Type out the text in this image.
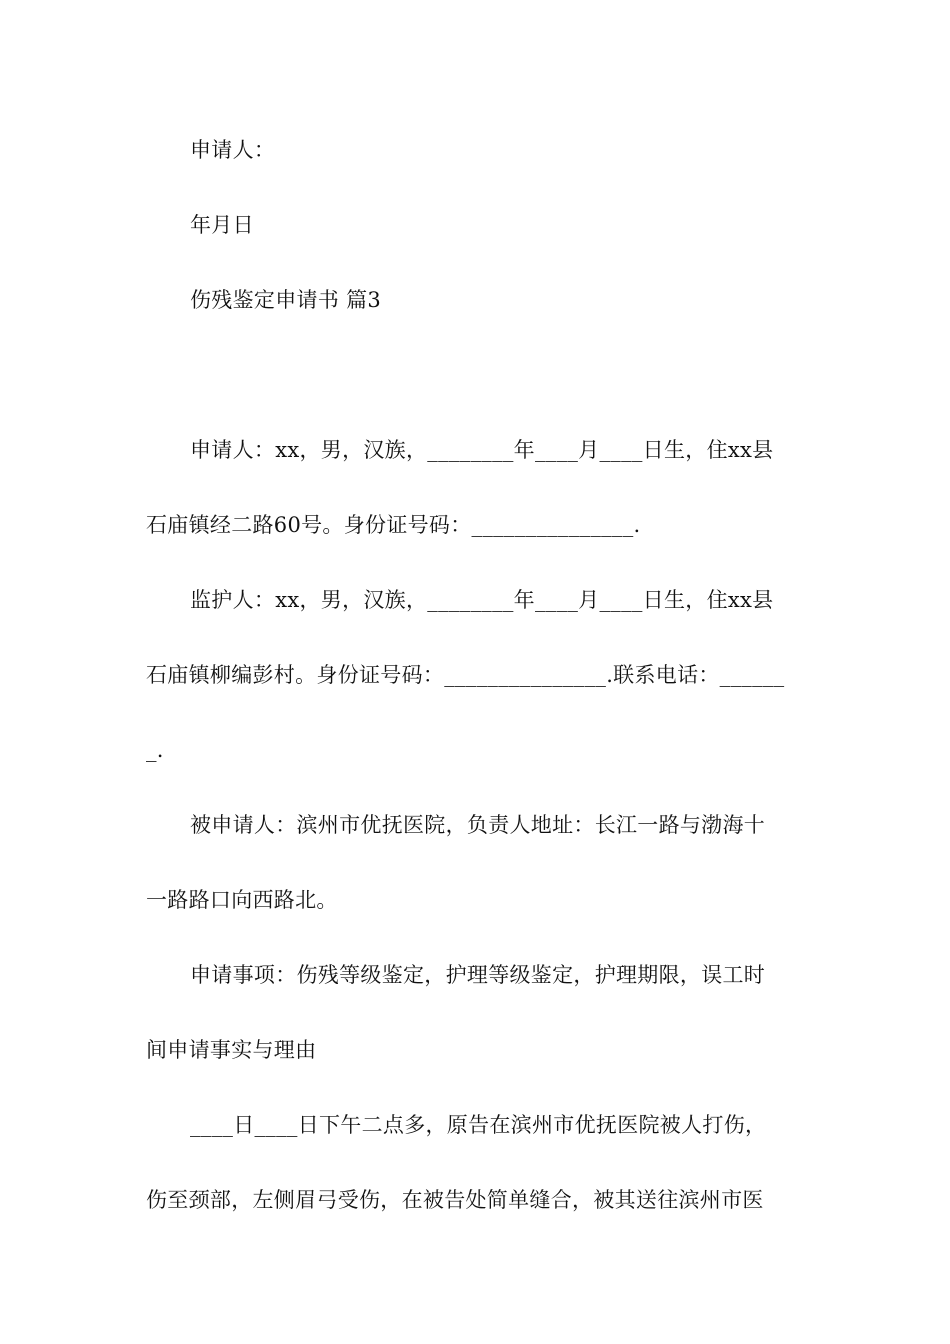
申请人：
年月日
伤残鉴定申请书 篇3
申请人：xx，男，汉族，________年____月____日生，住xx县
石庙镇经二路60号。身份证号码：_______________.
监护人：xx，男，汉族，________年____月____日生，住xx县
石庙镇柳编彭村。身份证号码：_______________.联系电话：______
_.
被申请人：滨州市优抚医院，负责人地址：长江一路与渤海十
一路路口向西路北。
申请事项：伤残等级鉴定，护理等级鉴定，护理期限，误工时
间申请事实与理由
____日____日下午二点多，原告在滨州市优抚医院被人打伤，
伤至颈部，左侧眉弓受伤，在被告处简单缝合，被其送往滨州市医
